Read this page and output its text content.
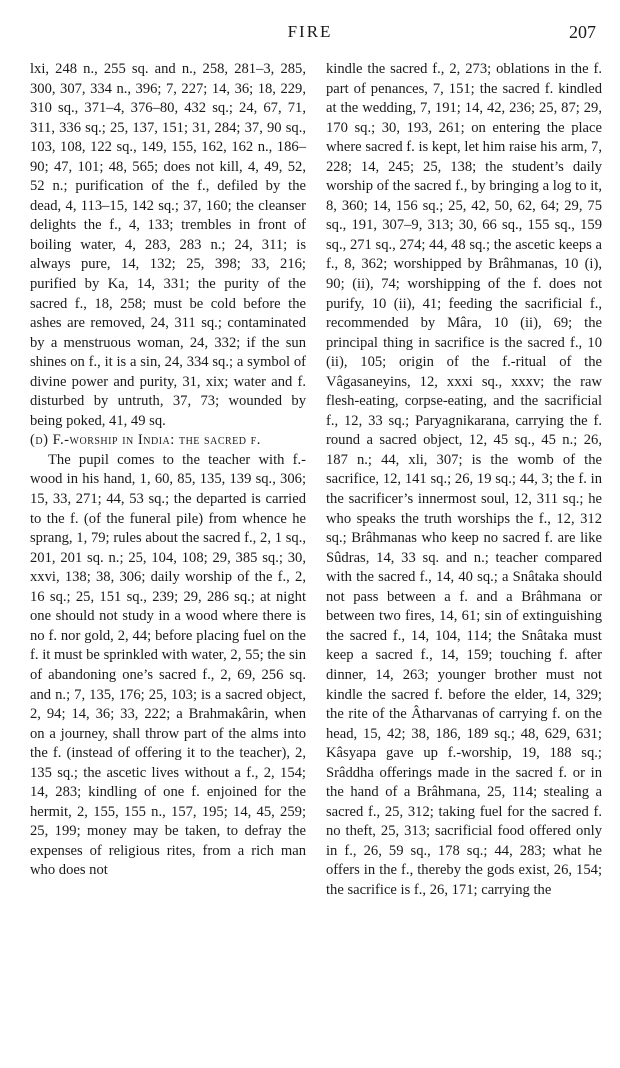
FIRE	207

lxi, 248 n., 255 sq. and n., 258, 281–3, 285, 300, 307, 334 n., 396; 7, 227; 14, 36; 18, 229, 310 sq., 371–4, 376–80, 432 sq.; 24, 67, 71, 311, 336 sq.; 25, 137, 151; 31, 284; 37, 90 sq., 103, 108, 122 sq., 149, 155, 162, 162 n., 186–90; 47, 101; 48, 565; does not kill, 4, 49, 52, 52 n.; purification of the f., defiled by the dead, 4, 113–15, 142 sq.; 37, 160; the cleanser delights the f., 4, 133; trembles in front of boiling water, 4, 283, 283 n.; 24, 311; is always pure, 14, 132; 25, 398; 33, 216; purified by Ka, 14, 331; the purity of the sacred f., 18, 258; must be cold before the ashes are removed, 24, 311 sq.; contaminated by a menstruous woman, 24, 332; if the sun shines on f., it is a sin, 24, 334 sq.; a symbol of divine power and purity, 31, xix; water and f. disturbed by untruth, 37, 73; wounded by being poked, 41, 49 sq.

(d) F.-worship in India: the sacred f.

The pupil comes to the teacher with f.-wood in his hand, 1, 60, 85, 135, 139 sq., 306; 15, 33, 271; 44, 53 sq.; the departed is carried to the f. (of the funeral pile) from whence he sprang, 1, 79; rules about the sacred f., 2, 1 sq., 201, 201 sq. n.; 25, 104, 108; 29, 385 sq.; 30, xxvi, 138; 38, 306; daily worship of the f., 2, 16 sq.; 25, 151 sq., 239; 29, 286 sq.; at night one should not study in a wood where there is no f. nor gold, 2, 44; before placing fuel on the f. it must be sprinkled with water, 2, 55; the sin of abandoning one’s sacred f., 2, 69, 256 sq. and n.; 7, 135, 176; 25, 103; is a sacred object, 2, 94; 14, 36; 33, 222; a Brahmakârin, when on a journey, shall throw part of the alms into the f. (instead of offering it to the teacher), 2, 135 sq.; the ascetic lives without a f., 2, 154; 14, 283; kindling of one f. enjoined for the hermit, 2, 155, 155 n., 157, 195; 14, 45, 259; 25, 199; money may be taken, to defray the expenses of religious rites, from a rich man who does not

kindle the sacred f., 2, 273; oblations in the f. part of penances, 7, 151; the sacred f. kindled at the wedding, 7, 191; 14, 42, 236; 25, 87; 29, 170 sq.; 30, 193, 261; on entering the place where sacred f. is kept, let him raise his arm, 7, 228; 14, 245; 25, 138; the student’s daily worship of the sacred f., by bringing a log to it, 8, 360; 14, 156 sq.; 25, 42, 50, 62, 64; 29, 75 sq., 191, 307–9, 313; 30, 66 sq., 155 sq., 159 sq., 271 sq., 274; 44, 48 sq.; the ascetic keeps a f., 8, 362; worshipped by Brâhmanas, 10 (i), 90; (ii), 74; worshipping of the f. does not purify, 10 (ii), 41; feeding the sacrificial f., recommended by Mâra, 10 (ii), 69; the principal thing in sacrifice is the sacred f., 10 (ii), 105; origin of the f.-ritual of the Vâgasaneyins, 12, xxxi sq., xxxv; the raw flesh-eating, corpse-eating, and the sacrificial f., 12, 33 sq.; Paryagnikarana, carrying the f. round a sacred object, 12, 45 sq., 45 n.; 26, 187 n.; 44, xli, 307; is the womb of the sacrifice, 12, 141 sq.; 26, 19 sq.; 44, 3; the f. in the sacrificer’s innermost soul, 12, 311 sq.; he who speaks the truth worships the f., 12, 312 sq.; Brâhmanas who keep no sacred f. are like Sûdras, 14, 33 sq. and n.; teacher compared with the sacred f., 14, 40 sq.; a Snâtaka should not pass between a f. and a Brâhmana or between two fires, 14, 61; sin of extinguishing the sacred f., 14, 104, 114; the Snâtaka must keep a sacred f., 14, 159; touching f. after dinner, 14, 263; younger brother must not kindle the sacred f. before the elder, 14, 329; the rite of the Âtharvanas of carrying f. on the head, 15, 42; 38, 186, 189 sq.; 48, 629, 631; Kâsyapa gave up f.-worship, 19, 188 sq.; Srâddha offerings made in the sacred f. or in the hand of a Brâhmana, 25, 114; stealing a sacred f., 25, 312; taking fuel for the sacred f. no theft, 25, 313; sacrificial food offered only in f., 26, 59 sq., 178 sq.; 44, 283; what he offers in the f., thereby the gods exist, 26, 154; the sacrifice is f., 26, 171; carrying the
